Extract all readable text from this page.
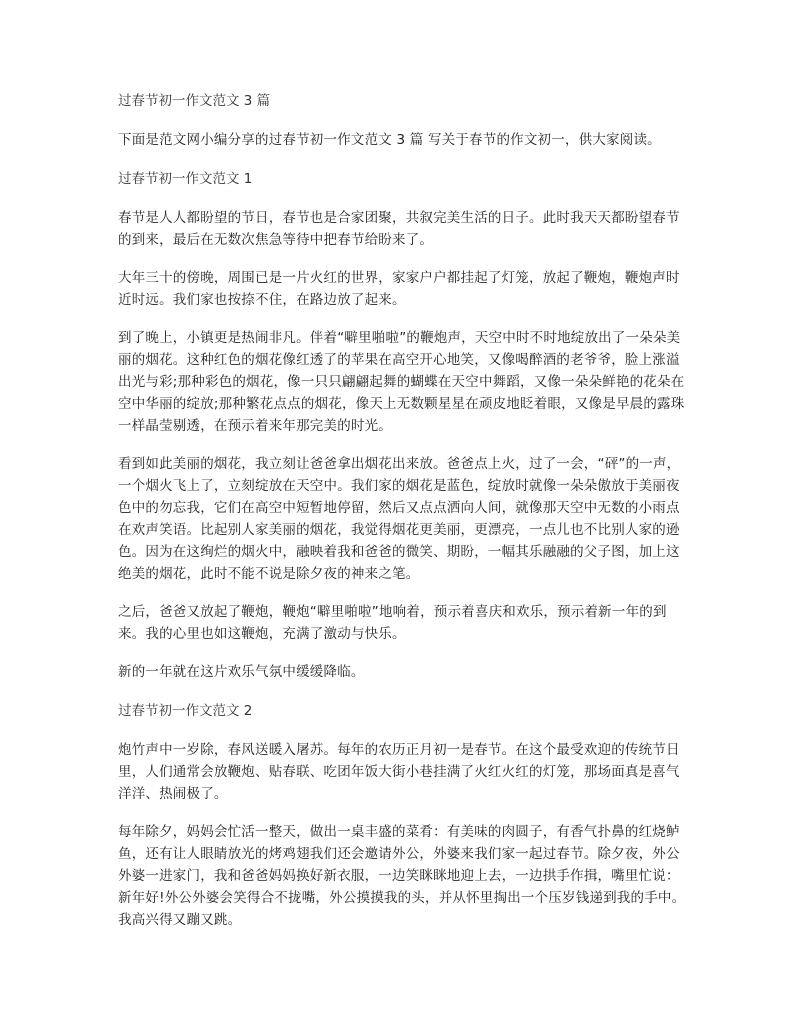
过春节初一作文范文 3 篇

下面是范文网小编分享的过春节初一作文范文 3 篇 写关于春节的作文初一，供大家阅读。

过春节初一作文范文 1

春节是人人都盼望的节日，春节也是合家团聚，共叙完美生活的日子。此时我天天都盼望春节的到来，最后在无数次焦急等待中把春节给盼来了。

大年三十的傍晚，周围已是一片火红的世界，家家户户都挂起了灯笼，放起了鞭炮，鞭炮声时近时远。我们家也按捺不住，在路边放了起来。

到了晚上，小镇更是热闹非凡。伴着“噼里啪啦”的鞭炮声，天空中时不时地绽放出了一朵朵美丽的烟花。这种红色的烟花像红透了的苹果在高空开心地笑，又像喝醉酒的老爷爷，脸上涨溢出光与彩;那种彩色的烟花，像一只只翩翩起舞的蝴蝶在天空中舞蹈，又像一朵朵鲜艳的花朵在空中华丽的绽放;那种繁花点点的烟花，像天上无数颗星星在顽皮地眨着眼，又像是早晨的露珠一样晶莹剔透，在预示着来年那完美的时光。

看到如此美丽的烟花，我立刻让爸爸拿出烟花出来放。爸爸点上火，过了一会，“砰”的一声，一个烟火飞上了，立刻绽放在天空中。我们家的烟花是蓝色，绽放时就像一朵朵傲放于美丽夜色中的勿忘我，它们在高空中短暂地停留，然后又点点洒向人间，就像那天空中无数的小雨点在欢声笑语。比起别人家美丽的烟花，我觉得烟花更美丽，更漂亮，一点儿也不比别人家的逊色。因为在这绚烂的烟火中，融映着我和爸爸的微笑、期盼，一幅其乐融融的父子图，加上这绝美的烟花，此时不能不说是除夕夜的神来之笔。

之后，爸爸又放起了鞭炮，鞭炮“噼里啪啦”地响着，预示着喜庆和欢乐，预示着新一年的到来。我的心里也如这鞭炮，充满了激动与快乐。

新的一年就在这片欢乐气氛中缓缓降临。

过春节初一作文范文 2

炮竹声中一岁除，春风送暖入屠苏。每年的农历正月初一是春节。在这个最受欢迎的传统节日里，人们通常会放鞭炮、贴春联、吃团年饭大街小巷挂满了火红火红的灯笼，那场面真是喜气洋洋、热闹极了。

每年除夕，妈妈会忙活一整天，做出一桌丰盛的菜肴：有美味的肉圆子，有香气扑鼻的红烧鲈鱼，还有让人眼睛放光的烤鸡翅我们还会邀请外公，外婆来我们家一起过春节。除夕夜，外公外婆一进家门，我和爸爸妈妈换好新衣服，一边笑眯眯地迎上去，一边拱手作揖，嘴里忙说：新年好!外公外婆会笑得合不拢嘴，外公摸摸我的头，并从怀里掏出一个压岁钱递到我的手中。我高兴得又蹦又跳。
